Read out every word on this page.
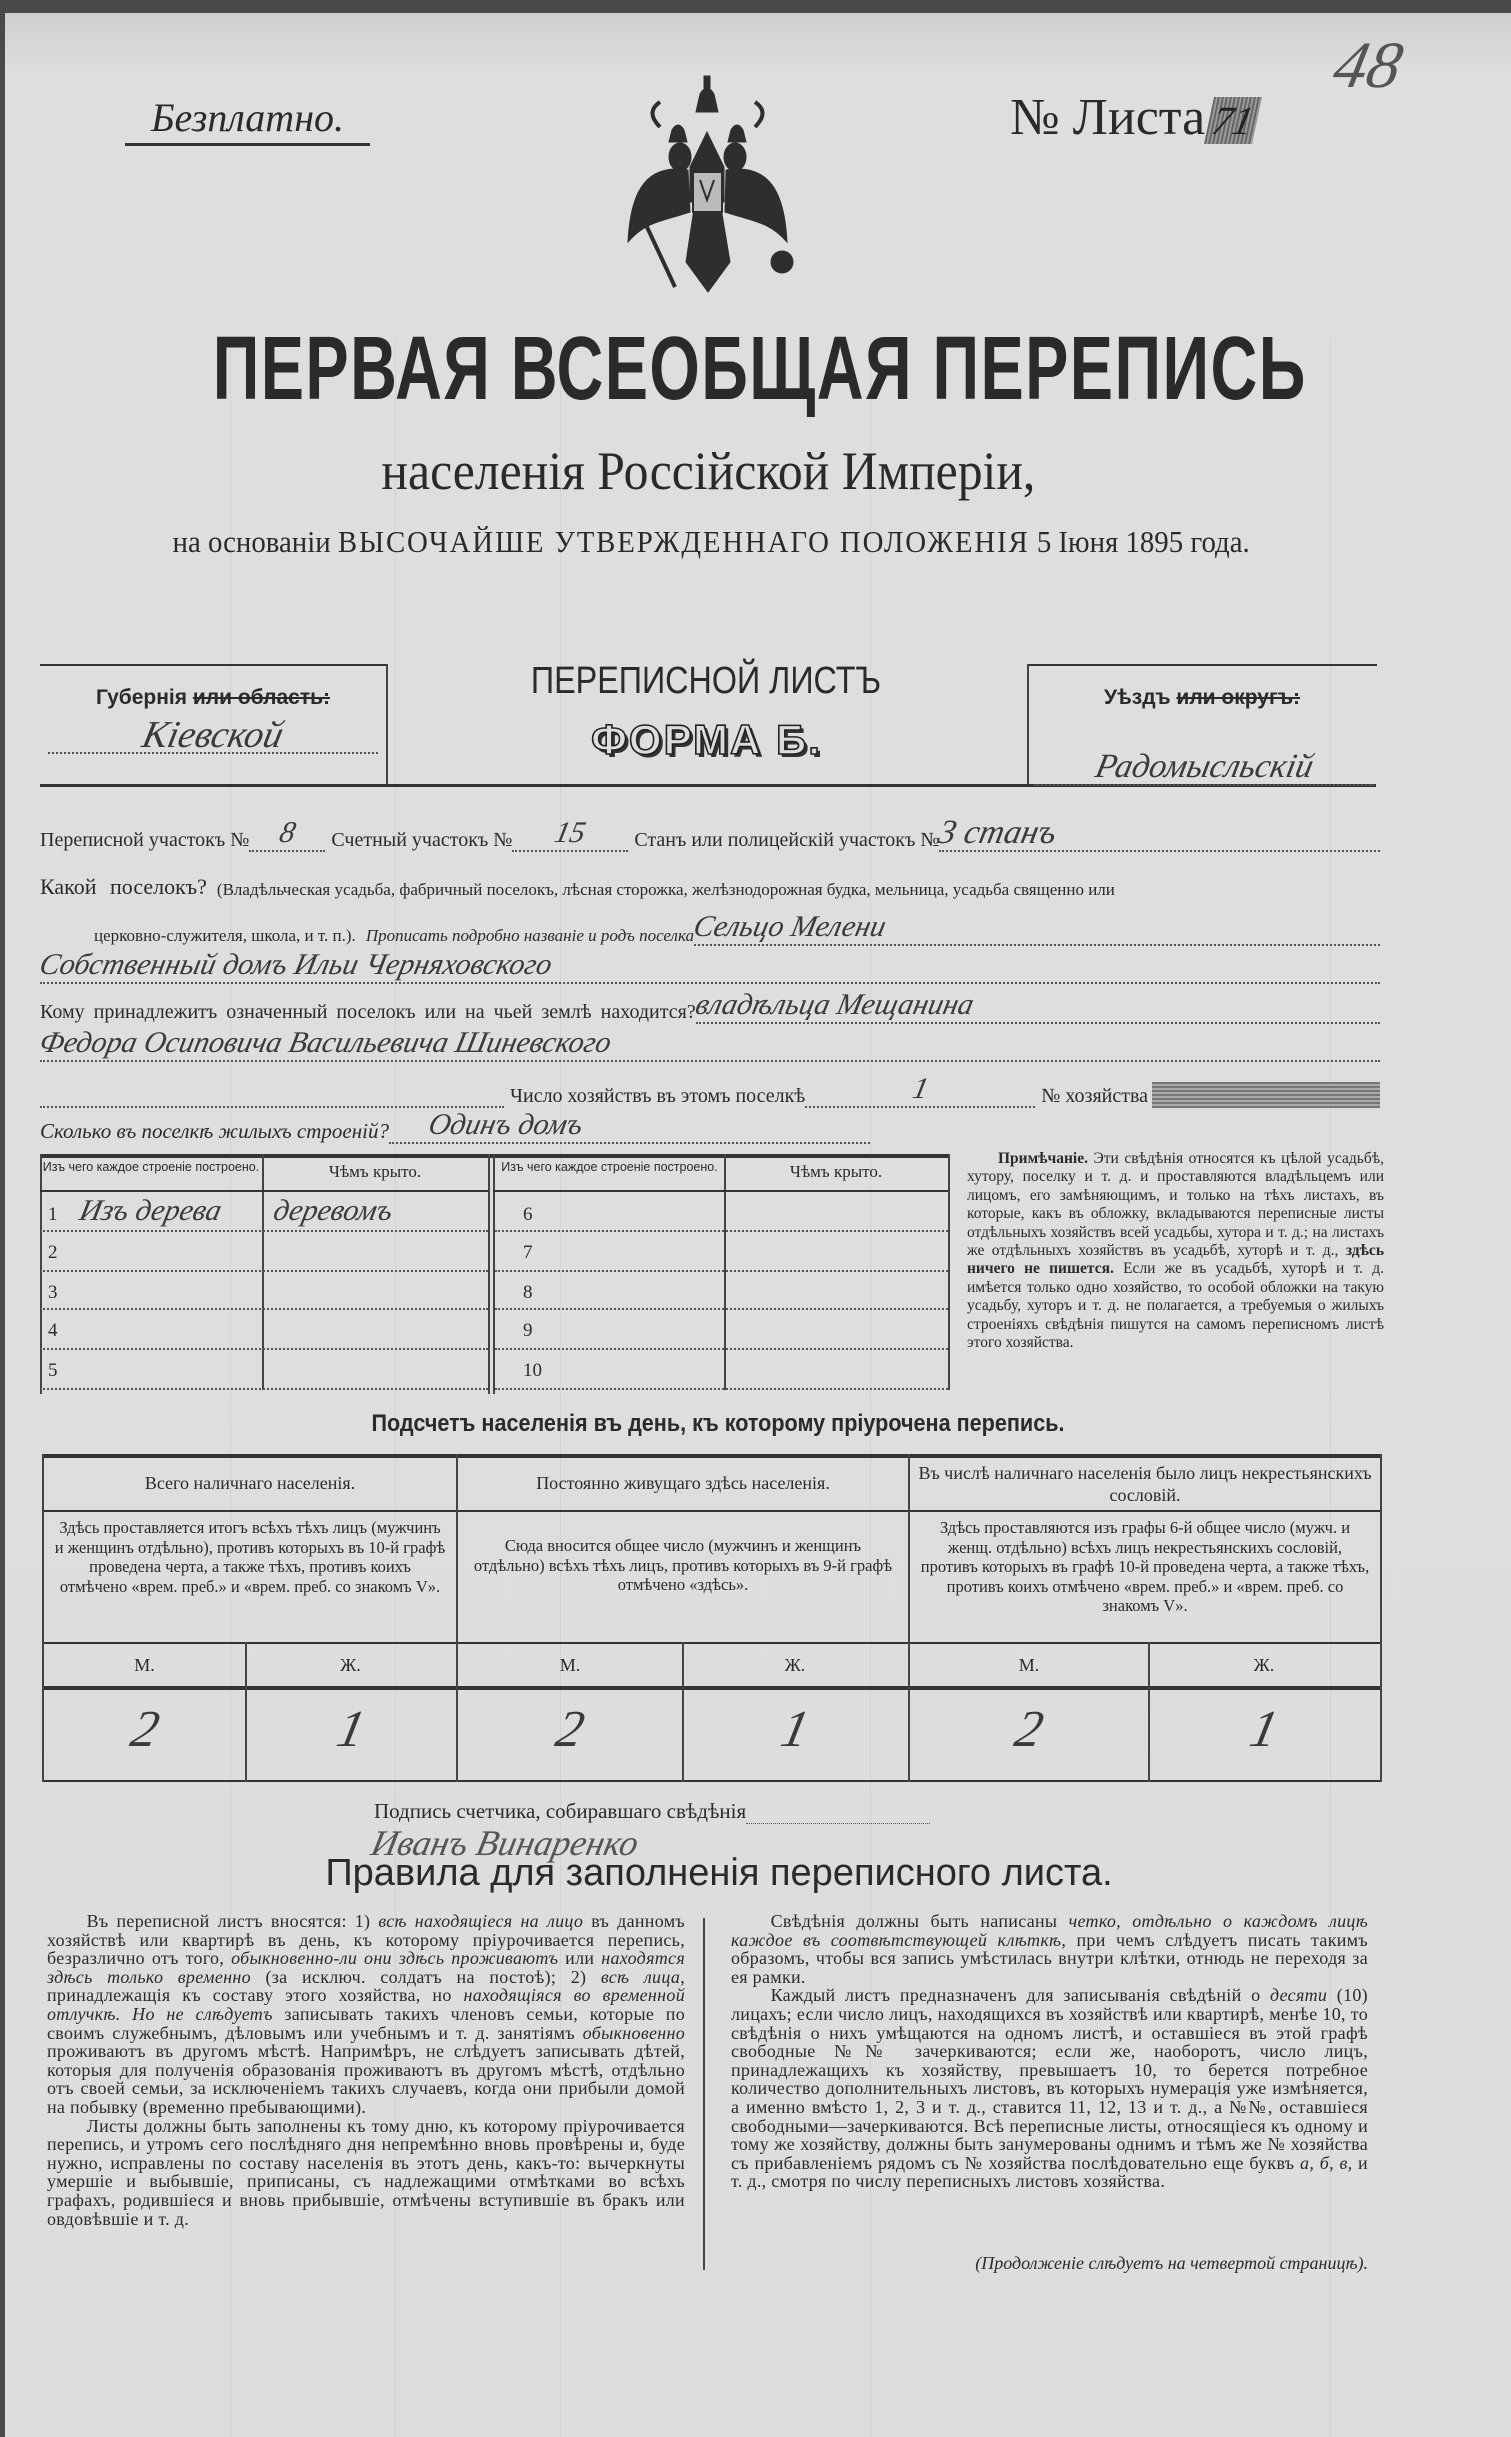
Безплатно.	№ Листа 71
48
ПЕРВАЯ ВСЕОБЩАЯ ПЕРЕПИСЬ
населенія Россійской Имперіи,
на основаніи ВЫСОЧАЙШЕ УТВЕРЖДЕННАГО ПОЛОЖЕНІЯ 5 Іюня 1895 года.
Губернія или область:
Кіевской
ПЕРЕПИСНОЙ ЛИСТЪ
ФОРМА Б.
Уѣздъ или округъ:
Радомысльскій
Переписной участокъ № 8 Счетный участокъ № 15 Станъ или полицейскій участокъ №
3 станъ
Какой поселокъ? (Владѣльческая усадьба, фабричный поселокъ, лѣсная сторожка, желѣзнодорожная будка, мельница, усадьба священно или
церковно-служителя, школа, и т. п.). Прописать подробно названіе и родъ поселка
Сельцо Мелени
Собственный домъ Ильи Черняховского
Кому принадлежитъ означенный поселокъ или на чьей землѣ находится?
владѣльца Мещанина
Федора Осиповича Васильевича Шиневского
Число хозяйствъ въ этомъ поселкѣ	1	№ хозяйства
Сколько въ поселкѣ жилыхъ строеній? Одинъ домъ
Изъ чего каждое строеніе построено.	Чѣмъ крыто.	Изъ чего каждое строеніе построено.	Чѣмъ крыто.
1 Изъ дерева деревомъ
2
3
4
5
6
7
8
9
10
Примѣчаніе. Эти свѣдѣнія относятся къ цѣлой усадьбѣ, хутору, поселку и т. д. и проставляются владѣльцемъ или лицомъ, его замѣняющимъ, и только на тѣхъ листахъ, въ которые, какъ въ обложку, вкладываются переписные листы отдѣльныхъ хозяйствъ всей усадьбы, хутора и т. д.; на листахъ же отдѣльныхъ хозяйствъ въ усадьбѣ, хуторѣ и т. д., здѣсь ничего не пишется. Если же въ усадьбѣ, хуторѣ и т. д. имѣется только одно хозяйство, то особой обложки на такую усадьбу, хуторъ и т. д. не полагается, а требуемыя о жилыхъ строеніяхъ свѣдѣнія пишутся на самомъ переписномъ листѣ этого хозяйства.
Подсчетъ населенія въ день, къ которому пріурочена перепись.
Всего наличнаго населенія.
Здѣсь проставляется итогъ всѣхъ тѣхъ лицъ (мужчинъ и женщинъ отдѣльно), противъ которыхъ въ 10-й графѣ проведена черта, а также тѣхъ, противъ коихъ отмѣчено «врем. преб.» и «врем. преб. со знакомъ V».
М.	Ж.
2	1
Постоянно живущаго здѣсь населенія.
Сюда вносится общее число (мужчинъ и женщинъ отдѣльно) всѣхъ тѣхъ лицъ, противъ которыхъ въ 9-й графѣ отмѣчено «здѣсь».
М.	Ж.
2	1
Въ числѣ наличнаго населенія было лицъ некрестьянскихъ сословій.
Здѣсь проставляются изъ графы 6-й общее число (мужч. и женщ. отдѣльно) всѣхъ лицъ некрестьянскихъ сословій, противъ которыхъ въ графѣ 10-й проведена черта, а также тѣхъ, противъ коихъ отмѣчено «врем. преб.» и «врем. преб. со знакомъ V».
М.	Ж.
2	1
Подпись счетчика, собиравшаго свѣдѣнія
Иванъ Винаренко
Правила для заполненія переписного листа.

Въ переписной листъ вносятся: 1) всѣ находящіеся на лицо въ данномъ хозяйствѣ или квартирѣ въ день, къ которому пріурочивается перепись, безразлично отъ того, обыкновенно-ли они здѣсь проживаютъ или находятся здѣсь только временно (за исключ. солдатъ на постоѣ); 2) всѣ лица, принадлежащія къ составу этого хозяйства, но находящіяся во временной отлучкѣ. Но не слѣдуетъ записывать такихъ членовъ семьи, которые по своимъ служебнымъ, дѣловымъ или учебнымъ и т. д. занятіямъ обыкновенно проживаютъ въ другомъ мѣстѣ. Напримѣръ, не слѣдуетъ записывать дѣтей, которыя для полученія образованія проживаютъ въ другомъ мѣстѣ, отдѣльно отъ своей семьи, за исключеніемъ такихъ случаевъ, когда они прибыли домой на побывку (временно пребывающими).

Листы должны быть заполнены къ тому дню, къ которому пріурочивается перепись, и утромъ сего послѣдняго дня непремѣнно вновь провѣрены и, буде нужно, исправлены по составу населенія въ этотъ день, какъ-то: вычеркнуты умершіе и выбывшіе, приписаны, съ надлежащими отмѣтками во всѣхъ графахъ, родившіеся и вновь прибывшіе, отмѣчены вступившіе въ бракъ или овдовѣвшіе и т. д.

Свѣдѣнія должны быть написаны четко, отдѣльно о каждомъ лицѣ каждое въ соотвѣтствующей клѣткѣ, при чемъ слѣдуетъ писать такимъ образомъ, чтобы вся запись умѣстилась внутри клѣтки, отнюдь не переходя за ея рамки.

Каждый листъ предназначенъ для записыванія свѣдѣній о десяти (10) лицахъ; если число лицъ, находящихся въ хозяйствѣ или квартирѣ, менѣе 10, то свѣдѣнія о нихъ умѣщаются на одномъ листѣ, и оставшіеся въ этой графѣ свободные №№ зачеркиваются; если же, наоборотъ, число лицъ, принадлежащихъ къ хозяйству, превышаетъ 10, то берется потребное количество дополнительныхъ листовъ, въ которыхъ нумерація уже измѣняется, а именно вмѣсто 1, 2, 3 и т. д., ставится 11, 12, 13 и т. д., а №№, оставшіеся свободными—зачеркиваются. Всѣ переписные листы, относящіеся къ одному и тому же хозяйству, должны быть занумерованы однимъ и тѣмъ же № хозяйства съ прибавленіемъ рядомъ съ № хозяйства послѣдовательно еще буквъ а, б, в, и т. д., смотря по числу переписныхъ листовъ хозяйства.

(Продолженіе слѣдуетъ на четвертой страницѣ).
